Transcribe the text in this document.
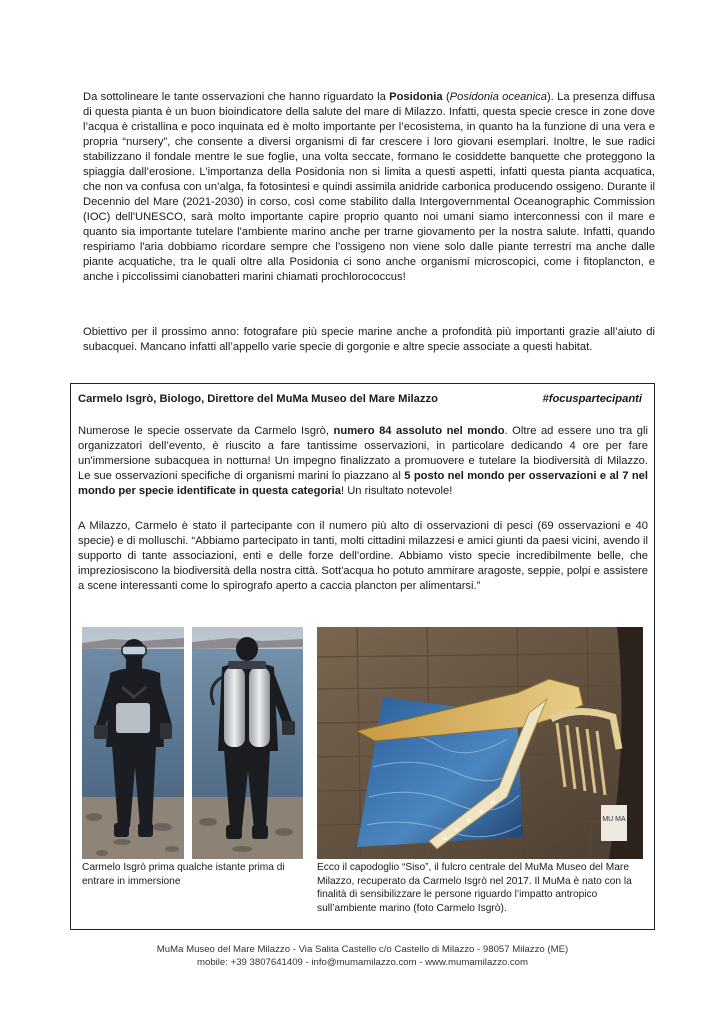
Da sottolineare le tante osservazioni che hanno riguardato la Posidonia (Posidonia oceanica). La presenza diffusa di questa pianta è un buon bioindicatore della salute del mare di Milazzo. Infatti, questa specie cresce in zone dove l’acqua è cristallina e poco inquinata ed è molto importante per l’ecosistema, in quanto ha la funzione di una vera e propria “nursery”, che consente a diversi organismi di far crescere i loro giovani esemplari. Inoltre, le sue radici stabilizzano il fondale mentre le sue foglie, una volta seccate, formano le cosiddette banquette che proteggono la spiaggia dall’erosione. L'importanza della Posidonia non si limita a questi aspetti, infatti questa pianta acquatica, che non va confusa con un’alga, fa fotosintesi e quindi assimila anidride carbonica producendo ossigeno. Durante il Decennio del Mare (2021-2030) in corso, così come stabilito dalla Intergovernmental Oceanographic Commission (IOC) dell'UNESCO, sarà molto importante capire proprio quanto noi umani siamo interconnessi con il mare e quanto sia importante tutelare l'ambiente marino anche per trarne giovamento per la nostra salute. Infatti, quando respiriamo l'aria dobbiamo ricordare sempre che l’ossigeno non viene solo dalle piante terrestri ma anche dalle piante acquatiche, tra le quali oltre alla Posidonia ci sono anche organismi microscopici, come i fitoplancton, e anche i piccolissimi cianobatteri marini chiamati prochlorococcus!

Obiettivo per il prossimo anno: fotografare più specie marine anche a profondità più importanti grazie all’aiuto di subacquei. Mancano infatti all’appello varie specie di gorgonie e altre specie associate a questi habitat.

Carmelo Isgrò, Biologo, Direttore del MuMa Museo del Mare Milazzo	#focuspartecipanti

Numerose le specie osservate da Carmelo Isgrò, numero 84 assoluto nel mondo. Oltre ad essere uno tra gli organizzatori dell’evento, è riuscito a fare tantissime osservazioni, in particolare dedicando 4 ore per fare un'immersione subacquea in notturna! Un impegno finalizzato a promuovere e tutelare la biodiversità di Milazzo. Le sue osservazioni specifiche di organismi marini lo piazzano al 5 posto nel mondo per osservazioni e al 7 nel mondo per specie identificate in questa categoria! Un risultato notevole!

A Milazzo, Carmelo è stato il partecipante con il numero più alto di osservazioni di pesci (69 osservazioni e 40 specie) e di molluschi. “Abbiamo partecipato in tanti, molti cittadini milazzesi e amici giunti da paesi vicini, avendo il supporto di tante associazioni, enti e delle forze dell’ordine. Abbiamo visto specie incredibilmente belle, che impreziosiscono la biodiversità della nostra città. Sott'acqua ho potuto ammirare aragoste, seppie, polpi e assistere a scene interessanti come lo spirografo aperto a caccia plancton per alimentarsi.”

MU MA

Carmelo Isgrò prima qualche istante prima di entrare in immersione

Ecco il capodoglio “Siso”, il fulcro centrale del MuMa Museo del Mare Milazzo, recuperato da Carmelo Isgrò nel 2017. Il MuMa è nato con la finalità di sensibilizzare le persone riguardo l’impatto antropico sull’ambiente marino (foto Carmelo Isgrò).

MuMa Museo del Mare Milazzo - Via Salita Castello c/o Castello di Milazzo - 98057 Milazzo (ME)
mobile: +39 3807641409 - info@mumamilazzo.com - www.mumamilazzo.com
